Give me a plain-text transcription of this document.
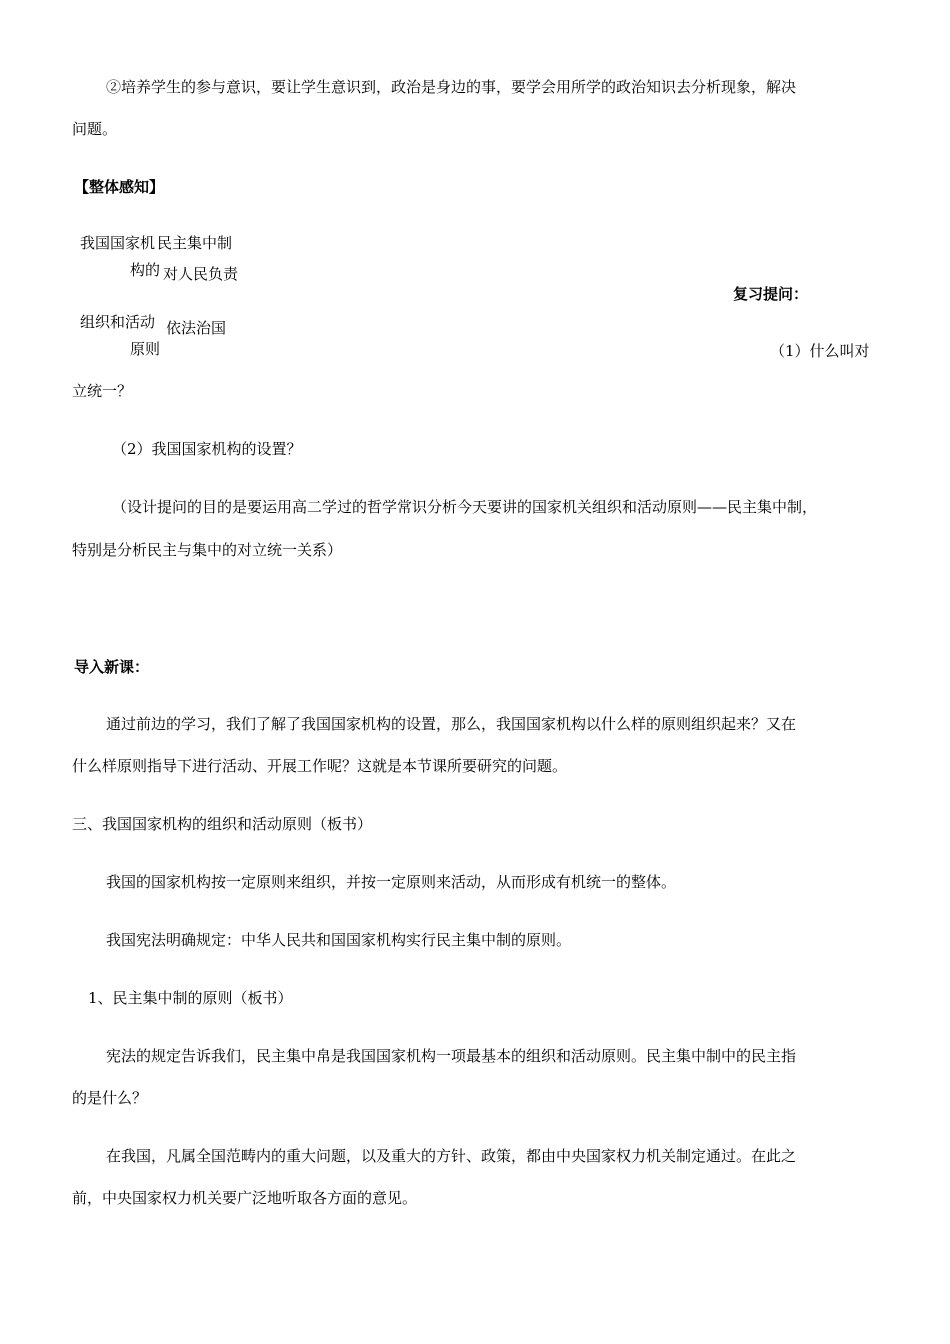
②培养学生的参与意识，要让学生意识到，政治是身边的事，要学会用所学的政治知识去分析现象，解决
问题。
【整体感知】
我国国家机
构的
组织和活动
原则
民主集中制
对人民负责
依法治国
复习提问：
（1）什么叫对
立统一？
（2）我国国家机构的设置？
（设计提问的目的是要运用高二学过的哲学常识分析今天要讲的国家机关组织和活动原则——民主集中制，
特别是分析民主与集中的对立统一关系）
导入新课：
通过前边的学习，我们了解了我国国家机构的设置，那么，我国国家机构以什么样的原则组织起来？又在
什么样原则指导下进行活动、开展工作呢？这就是本节课所要研究的问题。
三、我国国家机构的组织和活动原则（板书）
我国的国家机构按一定原则来组织，并按一定原则来活动，从而形成有机统一的整体。
我国宪法明确规定：中华人民共和国国家机构实行民主集中制的原则。
1、民主集中制的原则（板书）
宪法的规定告诉我们，民主集中帛是我国国家机构一项最基本的组织和活动原则。民主集中制中的民主指
的是什么？
在我国，凡属全国范畴内的重大问题，以及重大的方针、政策，都由中央国家权力机关制定通过。在此之
前，中央国家权力机关要广泛地听取各方面的意见。
